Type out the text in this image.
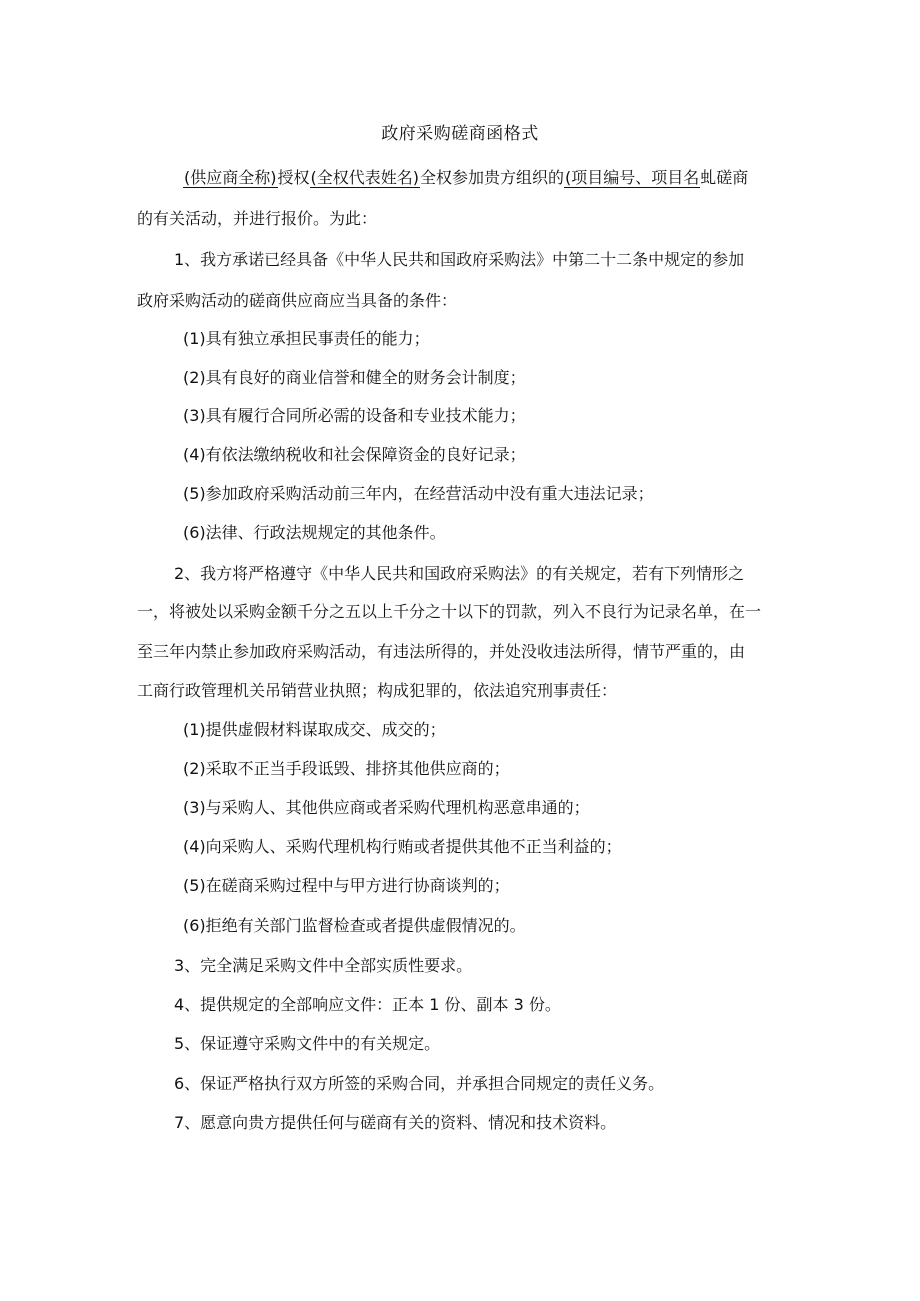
政府采购磋商函格式
(供应商全称)授权(全权代表姓名)全权参加贵方组织的(项目编号、项目名虬磋商
的有关活动，并进行报价。为此：
1、我方承诺已经具备《中华人民共和国政府采购法》中第二十二条中规定的参加
政府采购活动的磋商供应商应当具备的条件：
(1)具有独立承担民事责任的能力；
(2)具有良好的商业信誉和健全的财务会计制度；
(3)具有履行合同所必需的设备和专业技术能力；
(4)有依法缴纳税收和社会保障资金的良好记录；
(5)参加政府采购活动前三年内，在经营活动中没有重大违法记录；
(6)法律、行政法规规定的其他条件。
2、我方将严格遵守《中华人民共和国政府采购法》的有关规定，若有下列情形之
一，将被处以采购金额千分之五以上千分之十以下的罚款，列入不良行为记录名单，在一
至三年内禁止参加政府采购活动，有违法所得的，并处没收违法所得，情节严重的，由
工商行政管理机关吊销营业执照；构成犯罪的，依法追究刑事责任：
(1)提供虚假材料谋取成交、成交的；
(2)采取不正当手段诋毁、排挤其他供应商的；
(3)与采购人、其他供应商或者采购代理机构恶意串通的；
(4)向采购人、采购代理机构行贿或者提供其他不正当利益的；
(5)在磋商采购过程中与甲方进行协商谈判的；
(6)拒绝有关部门监督检查或者提供虚假情况的。
3、完全满足采购文件中全部实质性要求。
4、提供规定的全部响应文件：正本 1 份、副本 3 份。
5、保证遵守采购文件中的有关规定。
6、保证严格执行双方所签的采购合同，并承担合同规定的责任义务。
7、愿意向贵方提供任何与磋商有关的资料、情况和技术资料。
